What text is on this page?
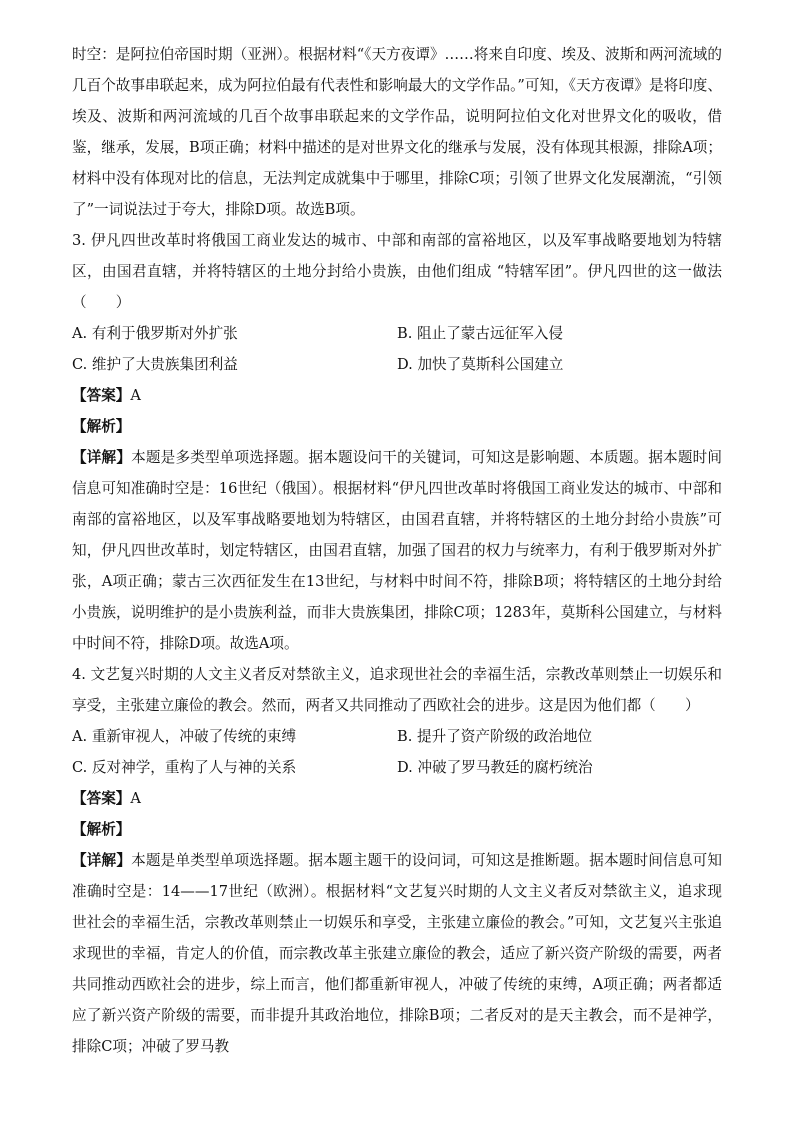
时空：是阿拉伯帝国时期（亚洲）。根据材料“《天方夜谭》……将来自印度、埃及、波斯和两河流域的几百个故事串联起来，成为阿拉伯最有代表性和影响最大的文学作品。”可知，《天方夜谭》是将印度、埃及、波斯和两河流域的几百个故事串联起来的文学作品，说明阿拉伯文化对世界文化的吸收，借鉴，继承，发展，B项正确；材料中描述的是对世界文化的继承与发展，没有体现其根源，排除A项；材料中没有体现对比的信息，无法判定成就集中于哪里，排除C项；引领了世界文化发展潮流，“引领了”一词说法过于夸大，排除D项。故选B项。

3. 伊凡四世改革时将俄国工商业发达的城市、中部和南部的富裕地区，以及军事战略要地划为特辖区，由国君直辖，并将特辖区的土地分封给小贵族，由他们组成 “特辖军团”。伊凡四世的这一做法（　　）

A. 有利于俄罗斯对外扩张	B. 阻止了蒙古远征军入侵
C. 维护了大贵族集团利益	D. 加快了莫斯科公国建立

【答案】A

【解析】

【详解】本题是多类型单项选择题。据本题设问干的关键词，可知这是影响题、本质题。据本题时间信息可知准确时空是：16世纪（俄国）。根据材料“伊凡四世改革时将俄国工商业发达的城市、中部和南部的富裕地区，以及军事战略要地划为特辖区，由国君直辖，并将特辖区的土地分封给小贵族”可知，伊凡四世改革时，划定特辖区，由国君直辖，加强了国君的权力与统率力，有利于俄罗斯对外扩张，A项正确；蒙古三次西征发生在13世纪，与材料中时间不符，排除B项；将特辖区的土地分封给小贵族，说明维护的是小贵族利益，而非大贵族集团，排除C项；1283年，莫斯科公国建立，与材料中时间不符，排除D项。故选A项。

4. 文艺复兴时期的人文主义者反对禁欲主义，追求现世社会的幸福生活，宗教改革则禁止一切娱乐和享受，主张建立廉俭的教会。然而，两者又共同推动了西欧社会的进步。这是因为他们都（　　）

A. 重新审视人，冲破了传统的束缚	B. 提升了资产阶级的政治地位
C. 反对神学，重构了人与神的关系	D. 冲破了罗马教廷的腐朽统治

【答案】A

【解析】

【详解】本题是单类型单项选择题。据本题主题干的设问词，可知这是推断题。据本题时间信息可知准确时空是：14——17世纪（欧洲）。根据材料“文艺复兴时期的人文主义者反对禁欲主义，追求现世社会的幸福生活，宗教改革则禁止一切娱乐和享受，主张建立廉俭的教会。”可知，文艺复兴主张追求现世的幸福，肯定人的价值，而宗教改革主张建立廉俭的教会，适应了新兴资产阶级的需要，两者共同推动西欧社会的进步，综上而言，他们都重新审视人，冲破了传统的束缚，A项正确；两者都适应了新兴资产阶级的需要，而非提升其政治地位，排除B项；二者反对的是天主教会，而不是神学，排除C项；冲破了罗马教
